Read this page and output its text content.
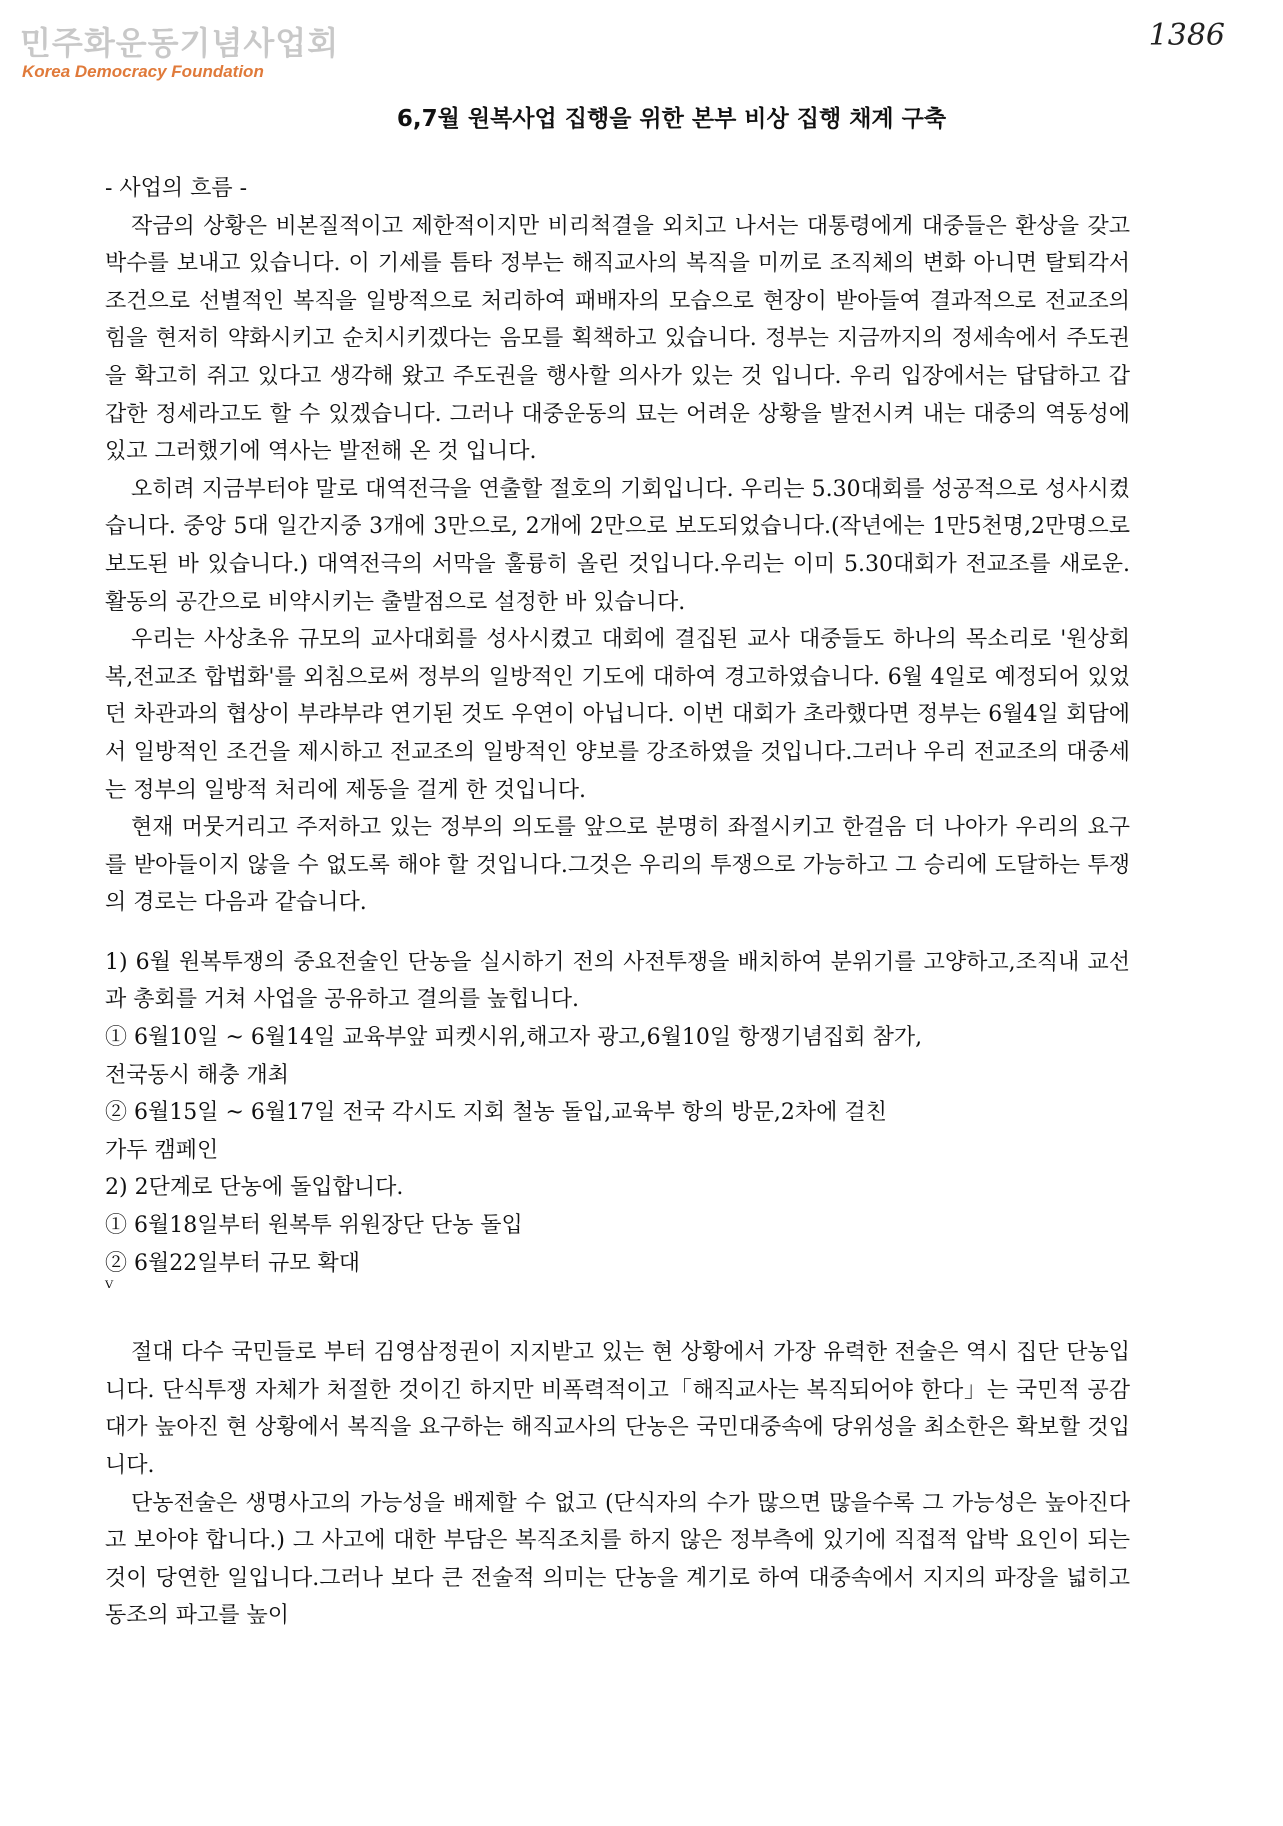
민주화운동기념사업회
Korea Democracy Foundation
1386
6,7월 원복사업 집행을 위한 본부 비상 집행 채계 구축

- 사업의 흐름 -

작금의 상황은 비본질적이고 제한적이지만 비리척결을 외치고 나서는 대통령에게 대중들은 환상을 갖고 박수를 보내고 있습니다. 이 기세를 틈타 정부는 해직교사의 복직을 미끼로 조직체의 변화 아니면 탈퇴각서 조건으로 선별적인 복직을 일방적으로 처리하여 패배자의 모습으로 현장이 받아들여 결과적으로 전교조의 힘을 현저히 약화시키고 순치시키겠다는 음모를 획책하고 있습니다. 정부는 지금까지의 정세속에서 주도권을 확고히 쥐고 있다고 생각해 왔고 주도권을 행사할 의사가 있는 것 입니다. 우리 입장에서는 답답하고 갑갑한 정세라고도 할 수 있겠습니다. 그러나 대중운동의 묘는 어려운 상황을 발전시켜 내는 대중의 역동성에 있고 그러했기에 역사는 발전해 온 것 입니다.

오히려 지금부터야 말로 대역전극을 연출할 절호의 기회입니다. 우리는 5.30대회를 성공적으로 성사시켰습니다. 중앙 5대 일간지중 3개에 3만으로, 2개에 2만으로 보도되었습니다.(작년에는 1만5천명,2만명으로 보도된 바 있습니다.) 대역전극의 서막을 훌륭히 올린 것입니다.우리는 이미 5.30대회가 전교조를 새로운.활동의 공간으로 비약시키는 출발점으로 설정한 바 있습니다.

우리는 사상초유 규모의 교사대회를 성사시켰고 대회에 결집된 교사 대중들도 하나의 목소리로 '원상회복,전교조 합법화'를 외침으로써 정부의 일방적인 기도에 대하여 경고하였습니다. 6월 4일로 예정되어 있었던 차관과의 협상이 부랴부랴 연기된 것도 우연이 아닙니다. 이번 대회가 초라했다면 정부는 6월4일 회담에서 일방적인 조건을 제시하고 전교조의 일방적인 양보를 강조하였을 것입니다.그러나 우리 전교조의 대중세는 정부의 일방적 처리에 제동을 걸게 한 것입니다.

현재 머뭇거리고 주저하고 있는 정부의 의도를 앞으로 분명히 좌절시키고 한걸음 더 나아가 우리의 요구를 받아들이지 않을 수 없도록 해야 할 것입니다.그것은 우리의 투쟁으로 가능하고 그 승리에 도달하는 투쟁의 경로는 다음과 같습니다.

1) 6월 원복투쟁의 중요전술인 단농을 실시하기 전의 사전투쟁을 배치하여 분위기를 고양하고,조직내 교선과 총회를 거쳐 사업을 공유하고 결의를 높힙니다.

① 6월10일 ~ 6월14일 교육부앞 피켓시위,해고자 광고,6월10일 항쟁기념집회 참가,

전국동시 해충 개최

② 6월15일 ~ 6월17일 전국 각시도 지회 철농 돌입,교육부 항의 방문,2차에 걸친

가두 캠페인

2) 2단계로 단농에 돌입합니다.

① 6월18일부터 원복투 위원장단 단농 돌입

② 6월22일부터 규모 확대

ⱽ

절대 다수 국민들로 부터 김영삼정권이 지지받고 있는 현 상황에서 가장 유력한 전술은 역시 집단 단농입니다. 단식투쟁 자체가 처절한 것이긴 하지만 비폭력적이고「해직교사는 복직되어야 한다」는 국민적 공감대가 높아진 현 상황에서 복직을 요구하는 해직교사의 단농은 국민대중속에 당위성을 최소한은 확보할 것입니다.

단농전술은 생명사고의 가능성을 배제할 수 없고 (단식자의 수가 많으면 많을수록 그 가능성은 높아진다고 보아야 합니다.) 그 사고에 대한 부담은 복직조치를 하지 않은 정부측에 있기에 직접적 압박 요인이 되는 것이 당연한 일입니다.그러나 보다 큰 전술적 의미는 단농을 계기로 하여 대중속에서 지지의 파장을 넓히고 동조의 파고를 높이
